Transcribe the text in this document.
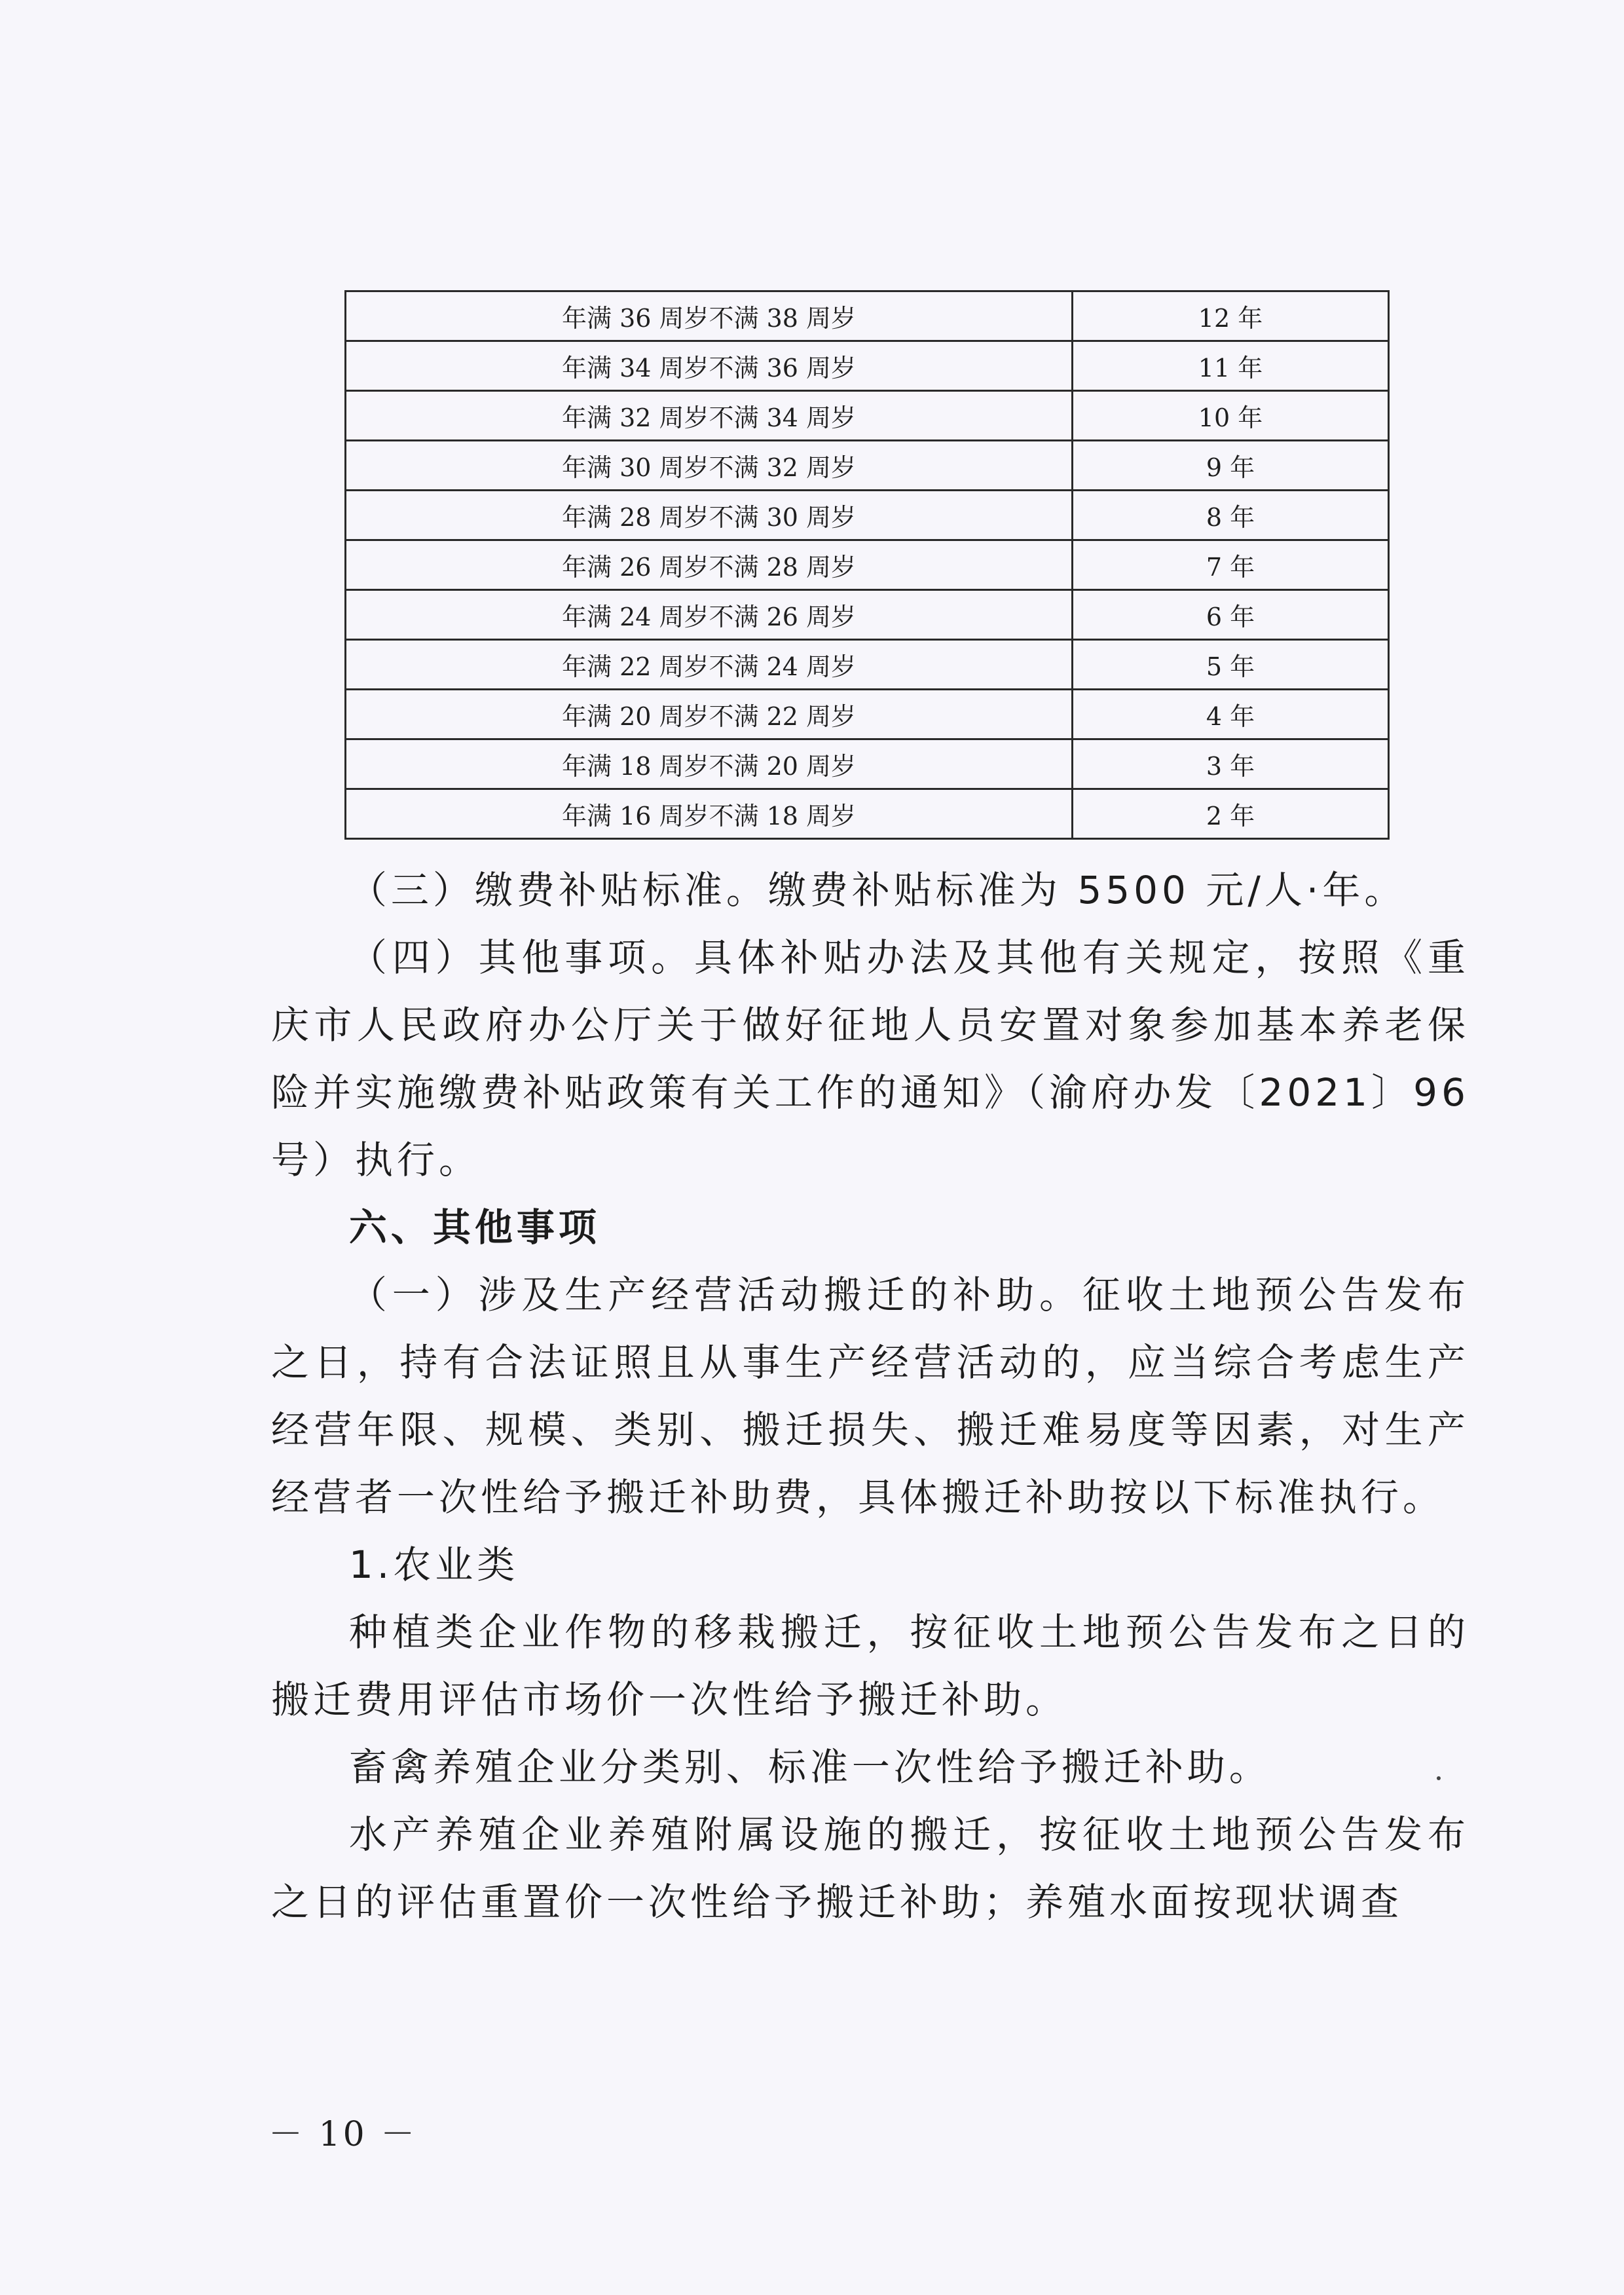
年满 36 周岁不满 38 周岁	12 年
年满 34 周岁不满 36 周岁	11 年
年满 32 周岁不满 34 周岁	10 年
年满 30 周岁不满 32 周岁	9 年
年满 28 周岁不满 30 周岁	8 年
年满 26 周岁不满 28 周岁	7 年
年满 24 周岁不满 26 周岁	6 年
年满 22 周岁不满 24 周岁	5 年
年满 20 周岁不满 22 周岁	4 年
年满 18 周岁不满 20 周岁	3 年
年满 16 周岁不满 18 周岁	2 年

（三）缴费补贴标准。缴费补贴标准为 5500 元/人·年。

（四）其他事项。具体补贴办法及其他有关规定，按照《重庆市人民政府办公厅关于做好征地人员安置对象参加基本养老保险并实施缴费补贴政策有关工作的通知》（渝府办发〔2021〕96 号）执行。

六、其他事项

（一）涉及生产经营活动搬迁的补助。征收土地预公告发布之日，持有合法证照且从事生产经营活动的，应当综合考虑生产经营年限、规模、类别、搬迁损失、搬迁难易度等因素，对生产经营者一次性给予搬迁补助费，具体搬迁补助按以下标准执行。

1.农业类

种植类企业作物的移栽搬迁，按征收土地预公告发布之日的搬迁费用评估市场价一次性给予搬迁补助。

畜禽养殖企业分类别、标准一次性给予搬迁补助。

水产养殖企业养殖附属设施的搬迁，按征收土地预公告发布之日的评估重置价一次性给予搬迁补助；养殖水面按现状调查

－ 10 －
